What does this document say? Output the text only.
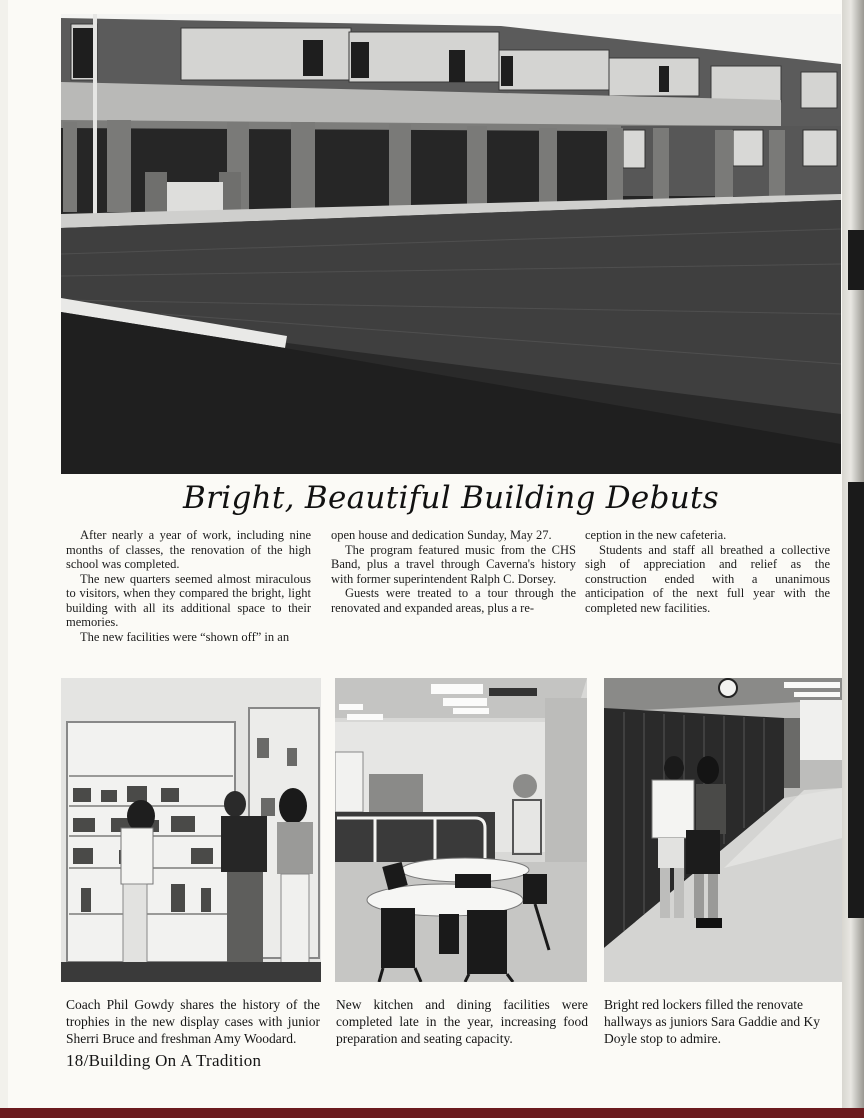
Bright, Beautiful Building Debuts

After nearly a year of work, including nine months of classes, the renovation of the high school was completed.

The new quarters seemed almost miraculous to visitors, when they compared the bright, light building with all its additional space to their memories.

The new facilities were “shown off” in an

open house and dedication Sunday, May 27.

The program featured music from the CHS Band, plus a travel through Caverna's history with former superintendent Ralph C. Dorsey.

Guests were treated to a tour through the renovated and expanded areas, plus a re-

ception in the new cafeteria.

Students and staff all breathed a collective sigh of appreciation and relief as the construction ended with a unanimous anticipation of the next full year with the completed new facilities.

Coach Phil Gowdy shares the history of the trophies in the new display cases with junior Sherri Bruce and freshman Amy Woodard.
New kitchen and dining facilities were completed late in the year, increasing food preparation and seating capacity.
Bright red lockers filled the renovate
hallways as juniors Sara Gaddie and Ky
Doyle stop to admire.
18/Building On A Tradition
